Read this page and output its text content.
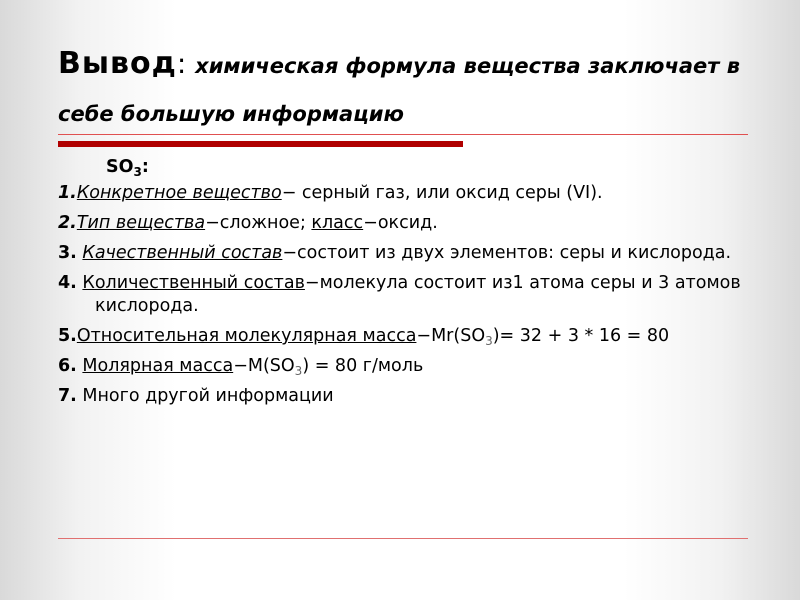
Вывод: химическая формула вещества заключает в себе большую информацию
$SO_3$:
1.Конкретное вещество− серный газ, или оксид серы (VI).
2.Тип вещества−сложное; класс−оксид.
3. Качественный состав−состоит из двух элементов: серы и кислорода.
4. Количественный состав−молекула состоит из1 атома серы и 3 атомов кислорода.
5.Относительная молекулярная $масса-Mr(SO_3)= 32 + 3 * 16 = 80$
6. Молярная $масса-M(SO_3) = 80$ г/моль
7. Много другой информации
